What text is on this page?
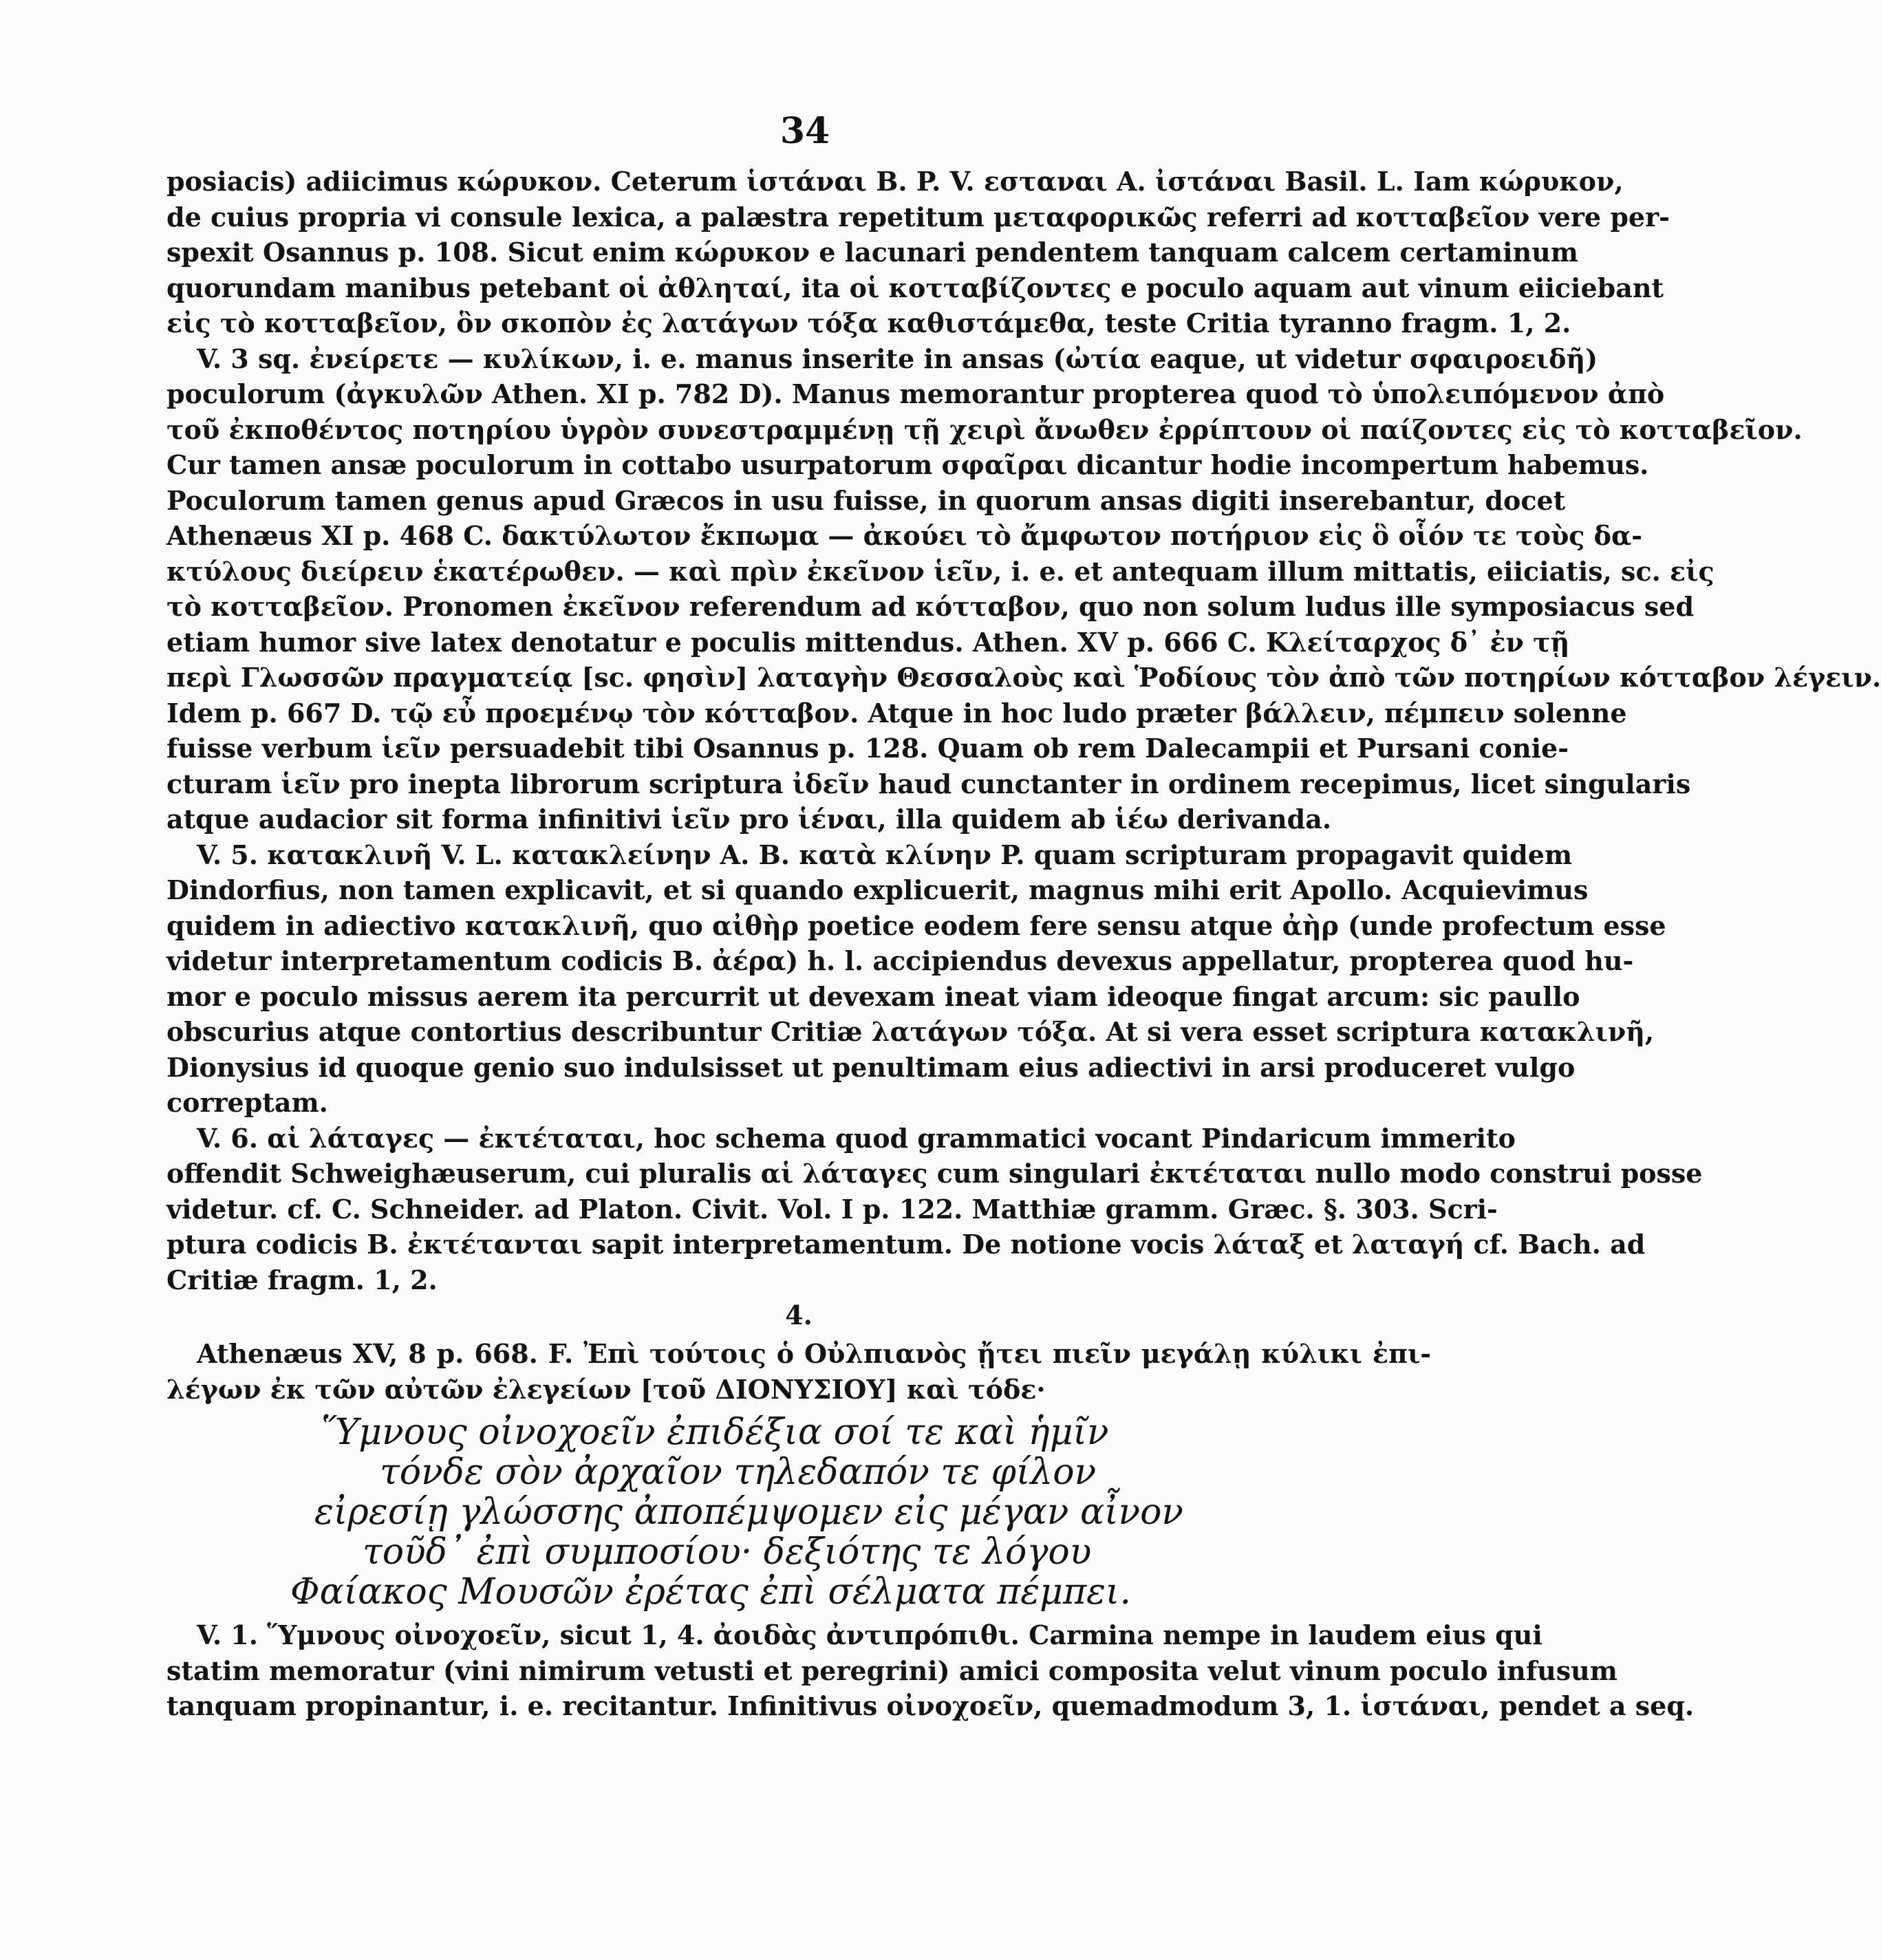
34
posiacis) adiicimus κώρυκον. Ceterum ἱστάναι B. P. V. εσταναι A. ἰστάναι Basil. L. Iam κώρυκον,
de cuius propria vi consule lexica, a palæstra repetitum μεταφορικῶς referri ad κοτταβεῖον vere per-
spexit Osannus p. 108. Sicut enim κώρυκον e lacunari pendentem tanquam calcem certaminum
quorundam manibus petebant οἱ ἀθληταί, ita οἱ κοτταβίζοντες e poculo aquam aut vinum eiiciebant
εἰς τὸ κοτταβεῖον, ὃν σκοπὸν ἐς λατάγων τόξα καθιστάμεθα, teste Critia tyranno fragm. 1, 2.
V. 3 sq. ἐνείρετε — κυλίκων, i. e. manus inserite in ansas (ὠτία eaque, ut videtur σφαιροειδῆ)
poculorum (ἀγκυλῶν Athen. XI p. 782 D). Manus memorantur propterea quod τὸ ὑπολειπόμενον ἀπὸ
τοῦ ἐκποθέντος ποτηρίου ὑγρὸν συνεστραμμένῃ τῇ χειρὶ ἄνωθεν ἐρρίπτουν οἱ παίζοντες εἰς τὸ κοτταβεῖον.
Cur tamen ansæ poculorum in cottabo usurpatorum σφαῖραι dicantur hodie incompertum habemus.
Poculorum tamen genus apud Græcos in usu fuisse, in quorum ansas digiti inserebantur, docet
Athenæus XI p. 468 C. δακτύλωτον ἔκπωμα — ἀκούει τὸ ἄμφωτον ποτήριον εἰς ὃ οἷόν τε τοὺς δα-
κτύλους διείρειν ἑκατέρωθεν. — καὶ πρὶν ἐκεῖνον ἱεῖν, i. e. et antequam illum mittatis, eiiciatis, sc. εἰς
τὸ κοτταβεῖον. Pronomen ἐκεῖνον referendum ad κότταβον, quo non solum ludus ille symposiacus sed
etiam humor sive latex denotatur e poculis mittendus. Athen. XV p. 666 C. Κλείταρχος δ᾽ ἐν τῇ
περὶ Γλωσσῶν πραγματείᾳ [sc. φησὶν] λαταγὴν Θεσσαλοὺς καὶ Ῥοδίους τὸν ἀπὸ τῶν ποτηρίων κότταβον λέγειν.
Idem p. 667 D. τῷ εὖ προεμένῳ τὸν κότταβον. Atque in hoc ludo præter βάλλειν, πέμπειν solenne
fuisse verbum ἱεῖν persuadebit tibi Osannus p. 128. Quam ob rem Dalecampii et Pursani conie-
cturam ἱεῖν pro inepta librorum scriptura ἰδεῖν haud cunctanter in ordinem recepimus, licet singularis
atque audacior sit forma infinitivi ἱεῖν pro ἱέναι, illa quidem ab ἱέω derivanda.
V. 5. κατακλινῆ V. L. κατακλείνην A. B. κατὰ κλίνην P. quam scripturam propagavit quidem
Dindorfius, non tamen explicavit, et si quando explicuerit, magnus mihi erit Apollo. Acquievimus
quidem in adiectivo κατακλινῆ, quo αἰθὴρ poetice eodem fere sensu atque ἀὴρ (unde profectum esse
videtur interpretamentum codicis B. ἀέρα) h. l. accipiendus devexus appellatur, propterea quod hu-
mor e poculo missus aerem ita percurrit ut devexam ineat viam ideoque fingat arcum: sic paullo
obscurius atque contortius describuntur Critiæ λατάγων τόξα. At si vera esset scriptura κατακλινῆ,
Dionysius id quoque genio suo indulsisset ut penultimam eius adiectivi in arsi produceret vulgo
correptam.
V. 6. αἱ λάταγες — ἐκτέταται, hoc schema quod grammatici vocant Pindaricum immerito
offendit Schweighæuserum, cui pluralis αἱ λάταγες cum singulari ἐκτέταται nullo modo construi posse
videtur. cf. C. Schneider. ad Platon. Civit. Vol. I p. 122. Matthiæ gramm. Græc. §. 303. Scri-
ptura codicis B. ἐκτέτανται sapit interpretamentum. De notione vocis λάταξ et λαταγή cf. Bach. ad
Critiæ fragm. 1, 2.
4.
Athenæus XV, 8 p. 668. F. Ἐπὶ τούτοις ὁ Οὐλπιανὸς ᾔτει πιεῖν μεγάλῃ κύλικι ἐπι-
λέγων ἐκ τῶν αὐτῶν ἐλεγείων [τοῦ ΔΙΟΝΥΣΙΟΥ] καὶ τόδε·
Ὕμνους οἰνοχοεῖν ἐπιδέξια σοί τε καὶ ἡμῖν
τόνδε σὸν ἀρχαῖον τηλεδαπόν τε φίλον
εἰρεσίῃ γλώσσης ἀποπέμψομεν εἰς μέγαν αἶνον
τοῦδ᾽ ἐπὶ συμποσίου· δεξιότης τε λόγου
Φαίακος Μουσῶν ἐρέτας ἐπὶ σέλματα πέμπει.
V. 1. Ὕμνους οἰνοχοεῖν, sicut 1, 4. ἀοιδὰς ἀντιπρόπιθι. Carmina nempe in laudem eius qui
statim memoratur (vini nimirum vetusti et peregrini) amici composita velut vinum poculo infusum
tanquam propinantur, i. e. recitantur. Infinitivus οἰνοχοεῖν, quemadmodum 3, 1. ἱστάναι, pendet a seq.
